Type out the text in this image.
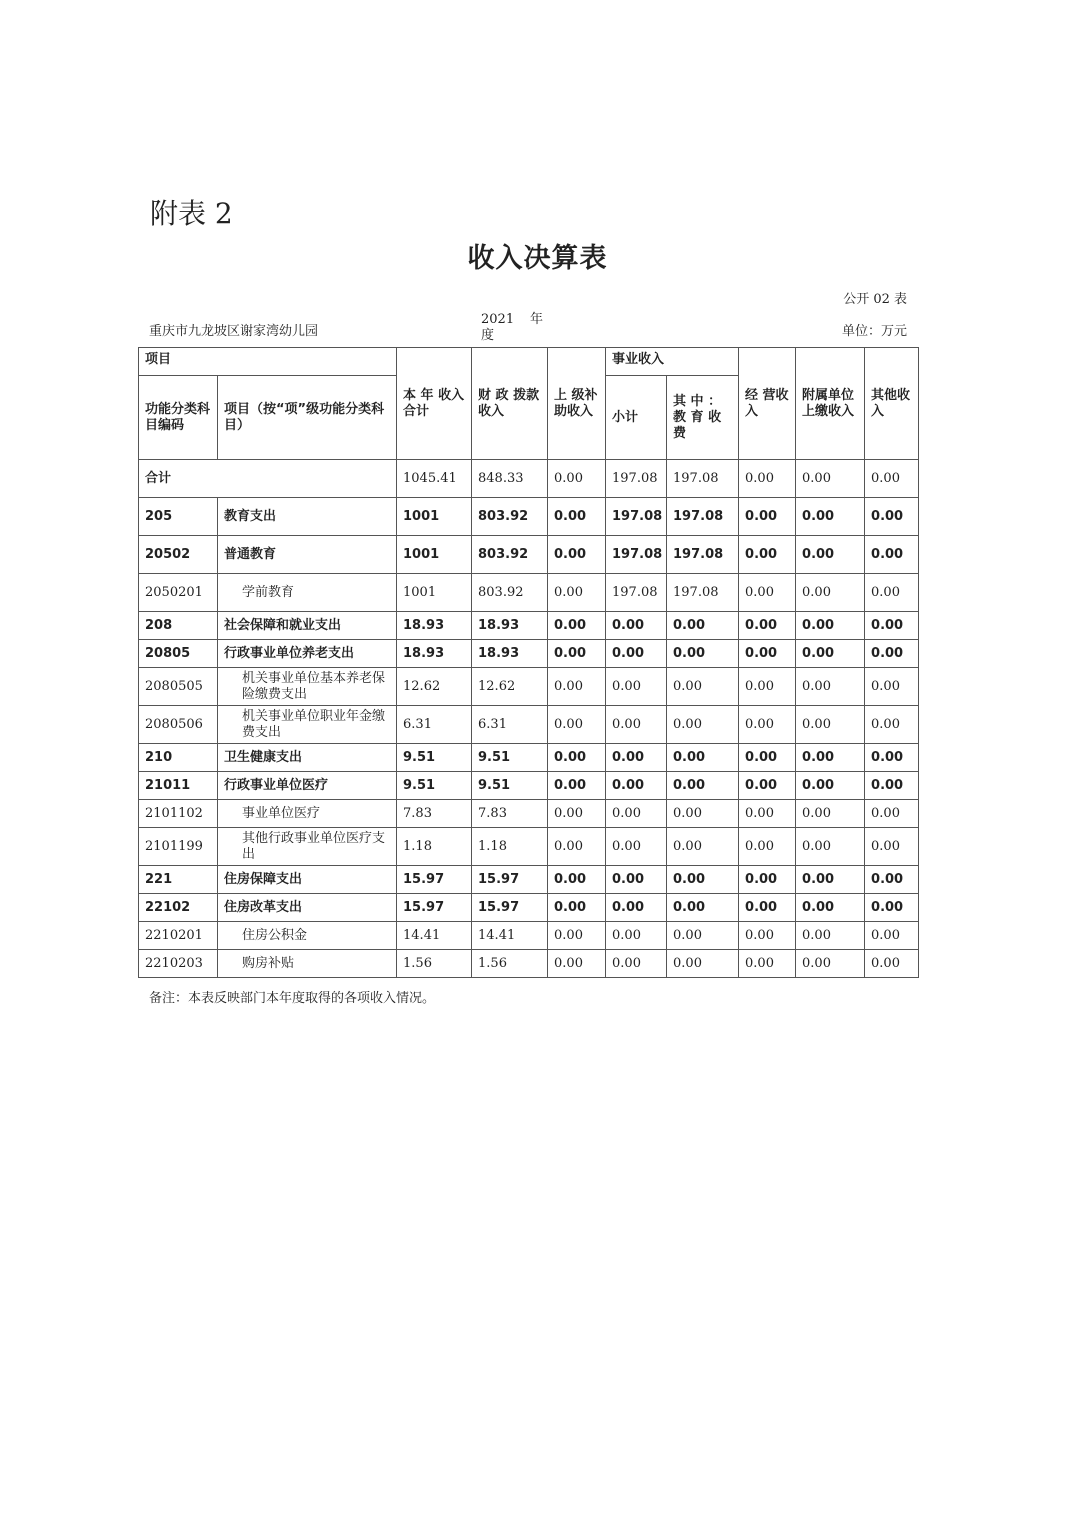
附表 2
收入决算表
公开 02 表
重庆市九龙坡区谢家湾幼儿园
2021 年
度	单位：万元
项目		本 年 收入合计	财 政 拨款收入	上 级补 助收入	事业收入		经 营收入	附属单位上缴收入	其他收入
功能分类科目编码	项目（按“项”级功能分类科目）				小计	其 中 ：教 育 收费			
合计		1045.41	848.33	0.00	197.08	197.08	0.00	0.00	0.00
205	教育支出	1001	803.92	0.00	197.08	197.08	0.00	0.00	0.00
20502	普通教育	1001	803.92	0.00	197.08	197.08	0.00	0.00	0.00
2050201	学前教育	1001	803.92	0.00	197.08	197.08	0.00	0.00	0.00
208	社会保障和就业支出	18.93	18.93	0.00	0.00	0.00	0.00	0.00	0.00
20805	行政事业单位养老支出	18.93	18.93	0.00	0.00	0.00	0.00	0.00	0.00
2080505	机关事业单位基本养老保险缴费支出	12.62	12.62	0.00	0.00	0.00	0.00	0.00	0.00
2080506	机关事业单位职业年金缴费支出	6.31	6.31	0.00	0.00	0.00	0.00	0.00	0.00
210	卫生健康支出	9.51	9.51	0.00	0.00	0.00	0.00	0.00	0.00
21011	行政事业单位医疗	9.51	9.51	0.00	0.00	0.00	0.00	0.00	0.00
2101102	事业单位医疗	7.83	7.83	0.00	0.00	0.00	0.00	0.00	0.00
2101199	其他行政事业单位医疗支出	1.18	1.18	0.00	0.00	0.00	0.00	0.00	0.00
221	住房保障支出	15.97	15.97	0.00	0.00	0.00	0.00	0.00	0.00
22102	住房改革支出	15.97	15.97	0.00	0.00	0.00	0.00	0.00	0.00
2210201	住房公积金	14.41	14.41	0.00	0.00	0.00	0.00	0.00	0.00
2210203	购房补贴	1.56	1.56	0.00	0.00	0.00	0.00	0.00	0.00
备注：本表反映部门本年度取得的各项收入情况。
